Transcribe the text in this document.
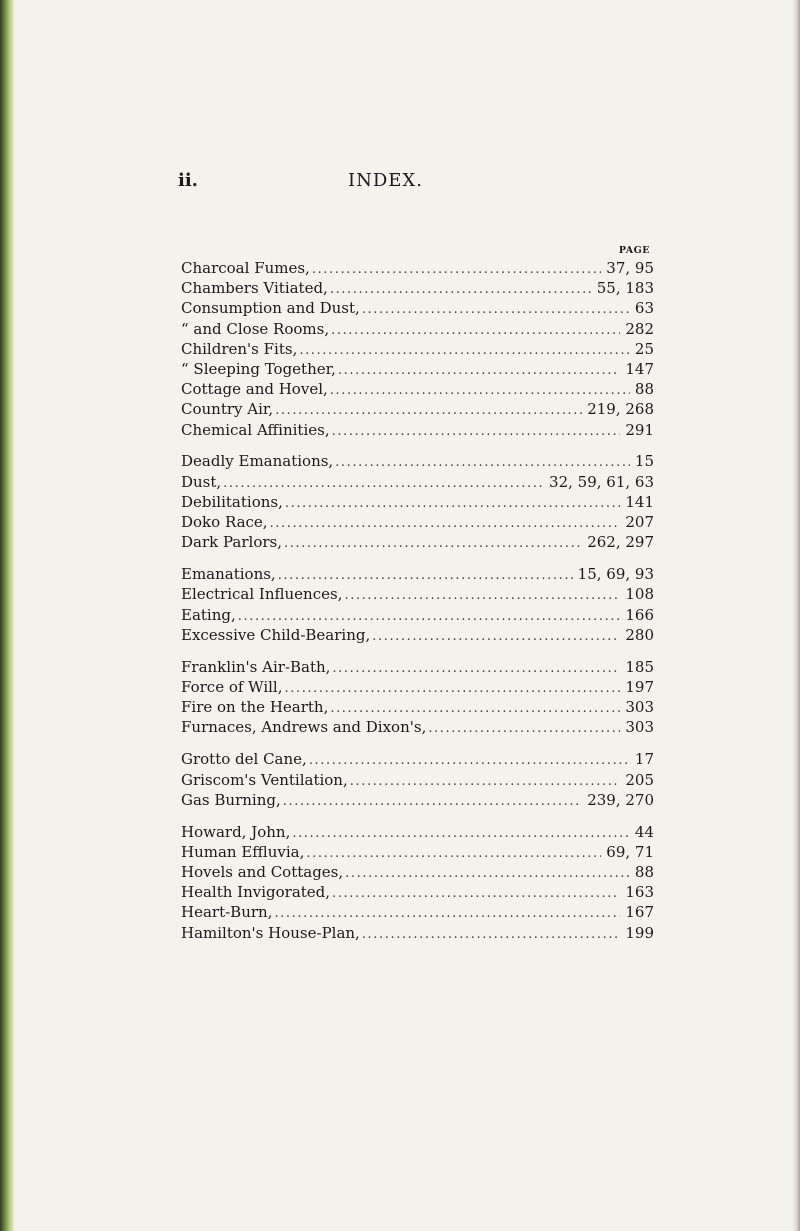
ii.	INDEX.
PAGE
Charcoal Fumes, .....	37, 95
Chambers Vitiated, .....	55, 183
Consumption and Dust, .....	63
“ and Close Rooms, .....	282
Children's Fits, .....	25
“ Sleeping Together, .....	147
Cottage and Hovel, .....	88
Country Air, .....	219, 268
Chemical Affinities, .....	291
Deadly Emanations, .....	15
Dust, .....	32, 59, 61, 63
Debilitations, .....	141
Doko Race, .....	207
Dark Parlors, .....	262, 297
Emanations, .....	15, 69, 93
Electrical Influences, .....	108
Eating, .....	166
Excessive Child-Bearing, .....	280
Franklin's Air-Bath, .....	185
Force of Will, .....	197
Fire on the Hearth, .....	303
Furnaces, Andrews and Dixon's, .....	303
Grotto del Cane, .....	17
Griscom's Ventilation, .....	205
Gas Burning, .....	239, 270
Howard, John, .....	44
Human Effluvia, .....	69, 71
Hovels and Cottages, .....	88
Health Invigorated, .....	163
Heart-Burn, .....	167
Hamilton's House-Plan, .....	199
